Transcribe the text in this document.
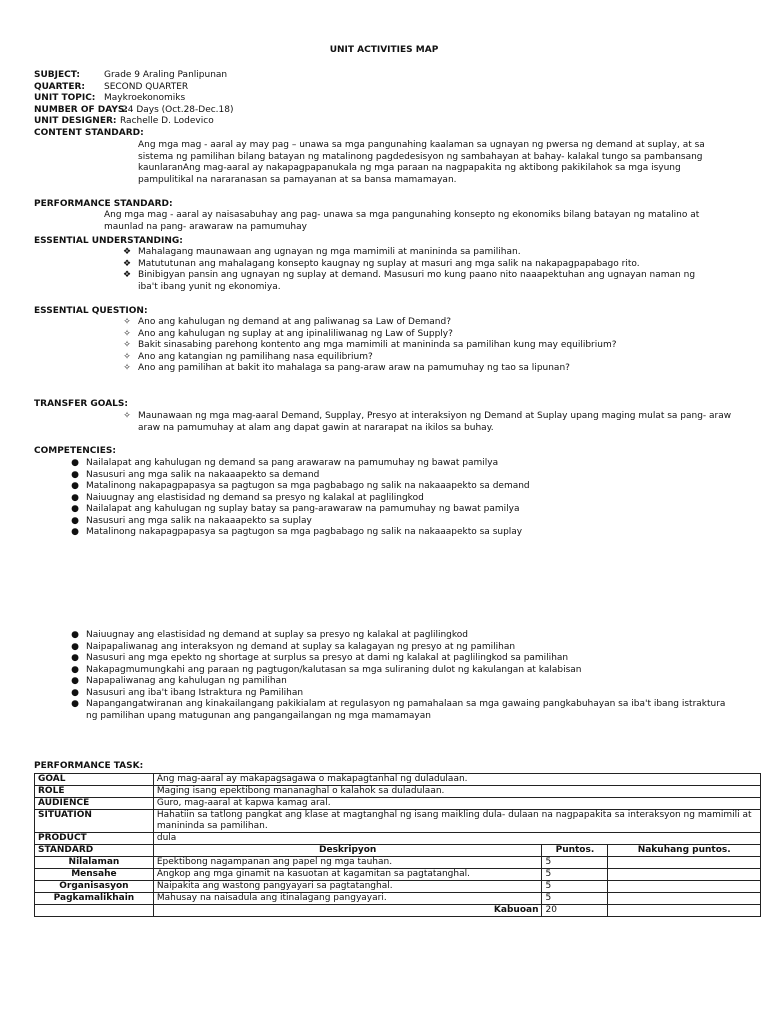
UNIT ACTIVITIES MAP
SUBJECT:	Grade 9 Araling Panlipunan
QUARTER:	SECOND QUARTER
UNIT TOPIC: Maykroekonomiks
NUMBER OF DAYS:
24 Days (Oct.28-Dec.18)
UNIT DESIGNER: Rachelle D. Lodevico
CONTENT STANDARD:
Ang mga mag - aaral ay may pag – unawa sa mga pangunahing kaalaman sa ugnayan ng pwersa ng demand at suplay, at sa sistema ng pamilihan bilang batayan ng matalinong pagdedesisyon ng sambahayan at bahay- kalakal tungo sa pambansang kaunlaranAng mag-aaral ay nakapagpapanukala ng mga paraan na nagpapakita ng aktibong pakikilahok sa mga isyung pampulitikal na nararanasan sa pamayanan at sa bansa mamamayan.
PERFORMANCE STANDARD:
Ang mga mag - aaral ay naisasabuhay ang pag- unawa sa mga pangunahing konsepto ng ekonomiks bilang batayan ng matalino at maunlad na pang- arawaraw na pamumuhay
ESSENTIAL UNDERSTANDING:
❖ Mahalagang maunawaan ang ugnayan ng mga mamimili at manininda sa pamilihan.
❖ Matututunan ang mahalagang konsepto kaugnay ng suplay at masuri ang mga salik na nakapagpapabago rito.
❖ Binibigyan pansin ang ugnayan ng suplay at demand. Masusuri mo kung paano nito naaapektuhan ang ugnayan naman ng iba't ibang yunit ng ekonomiya.
ESSENTIAL QUESTION:
✧ Ano ang kahulugan ng demand at ang paliwanag sa Law of Demand?
✧ Ano ang kahulugan ng suplay at ang ipinaliliwanag ng Law of Supply?
✧ Bakit sinasabing parehong kontento ang mga mamimili at manininda sa pamilihan kung may equilibrium?
✧ Ano ang katangian ng pamilihang nasa equilibrium?
✧ Ano ang pamilihan at bakit ito mahalaga sa pang-araw araw na pamumuhay ng tao sa lipunan?
TRANSFER GOALS:
✧ Maunawaan ng mga mag-aaral Demand, Supplay, Presyo at interaksiyon ng Demand at Suplay upang maging mulat sa pang- araw araw na pamumuhay at alam ang dapat gawin at nararapat na ikilos sa buhay.
COMPETENCIES:
● Nailalapat ang kahulugan ng demand sa pang arawaraw na pamumuhay ng bawat pamilya
● Nasusuri ang mga salik na nakaaapekto sa demand
● Matalinong nakapagpapasya sa pagtugon sa mga pagbabago ng salik na nakaaapekto sa demand
● Naiuugnay ang elastisidad ng demand sa presyo ng kalakal at paglilingkod
● Nailalapat ang kahulugan ng suplay batay sa pang-arawaraw na pamumuhay ng bawat pamilya
● Nasusuri ang mga salik na nakaaapekto sa suplay
● Matalinong nakapagpapasya sa pagtugon sa mga pagbabago ng salik na nakaaapekto sa suplay
● Naiuugnay ang elastisidad ng demand at suplay sa presyo ng kalakal at paglilingkod
● Naipapaliwanag ang interaksyon ng demand at suplay sa kalagayan ng presyo at ng pamilihan
● Nasusuri ang mga epekto ng shortage at surplus sa presyo at dami ng kalakal at paglilingkod sa pamilihan
● Nakapagmumungkahi ang paraan ng pagtugon/kalutasan sa mga suliraning dulot ng kakulangan at kalabisan
● Napapaliwanag ang kahulugan ng pamilihan
● Nasusuri ang iba't ibang Istraktura ng Pamilihan
● Napangangatwiranan ang kinakailangang pakikialam at regulasyon ng pamahalaan sa mga gawaing pangkabuhayan sa iba't ibang istraktura ng pamilihan upang matugunan ang pangangailangan ng mga mamamayan
PERFORMANCE TASK:
GOAL	Ang mag-aaral ay makapagsagawa o makapagtanhal ng duladulaan.		
ROLE	Maging isang epektibong mananaghal o kalahok sa duladulaan.		
AUDIENCE	Guro, mag-aaral at kapwa kamag aral.		
SITUATION	Hahatiin sa tatlong pangkat ang klase at magtanghal ng isang maikling dula- dulaan na nagpapakita sa interaksyon ng mamimili at manininda sa pamilihan.		
PRODUCT	dula		
STANDARD	Deskripyon	Puntos.	Nakuhang puntos.
Nilalaman	Epektibong nagampanan ang papel ng mga tauhan.	5	
Mensahe	Angkop ang mga ginamit na kasuotan at kagamitan sa pagtatanghal.	5	
Organisasyon	Naipakita ang wastong pangyayari sa pagtatanghal.	5	
Pagkamalikhain	Mahusay na naisadula ang itinalagang pangyayari.	5	
	Kabuoan	20	
